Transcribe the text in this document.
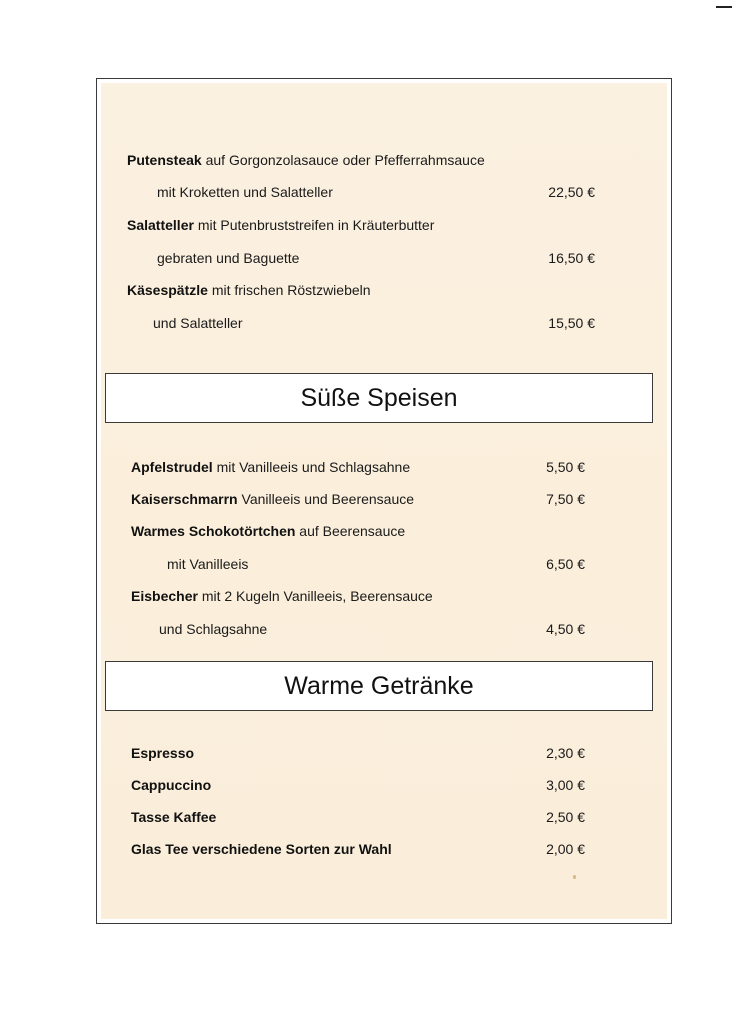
Putensteak auf Gorgonzolasauce oder Pfefferrahmsauce
mit Kroketten und Salatteller	22,50 €
Salatteller mit Putenbruststreifen in Kräuterbutter
gebraten und Baguette	16,50 €
Käsespätzle mit frischen Röstzwiebeln
und Salatteller	15,50 €
Süße Speisen
Apfelstrudel mit Vanilleeis und Schlagsahne	5,50 €
Kaiserschmarrn Vanilleeis und Beerensauce	7,50 €
Warmes Schokotörtchen auf Beerensauce
mit Vanilleeis	6,50 €
Eisbecher mit 2 Kugeln Vanilleeis, Beerensauce
und Schlagsahne	4,50 €
Warme Getränke
Espresso	2,30 €
Cappuccino	3,00 €
Tasse Kaffee	2,50 €
Glas Tee verschiedene Sorten zur Wahl	2,00 €
